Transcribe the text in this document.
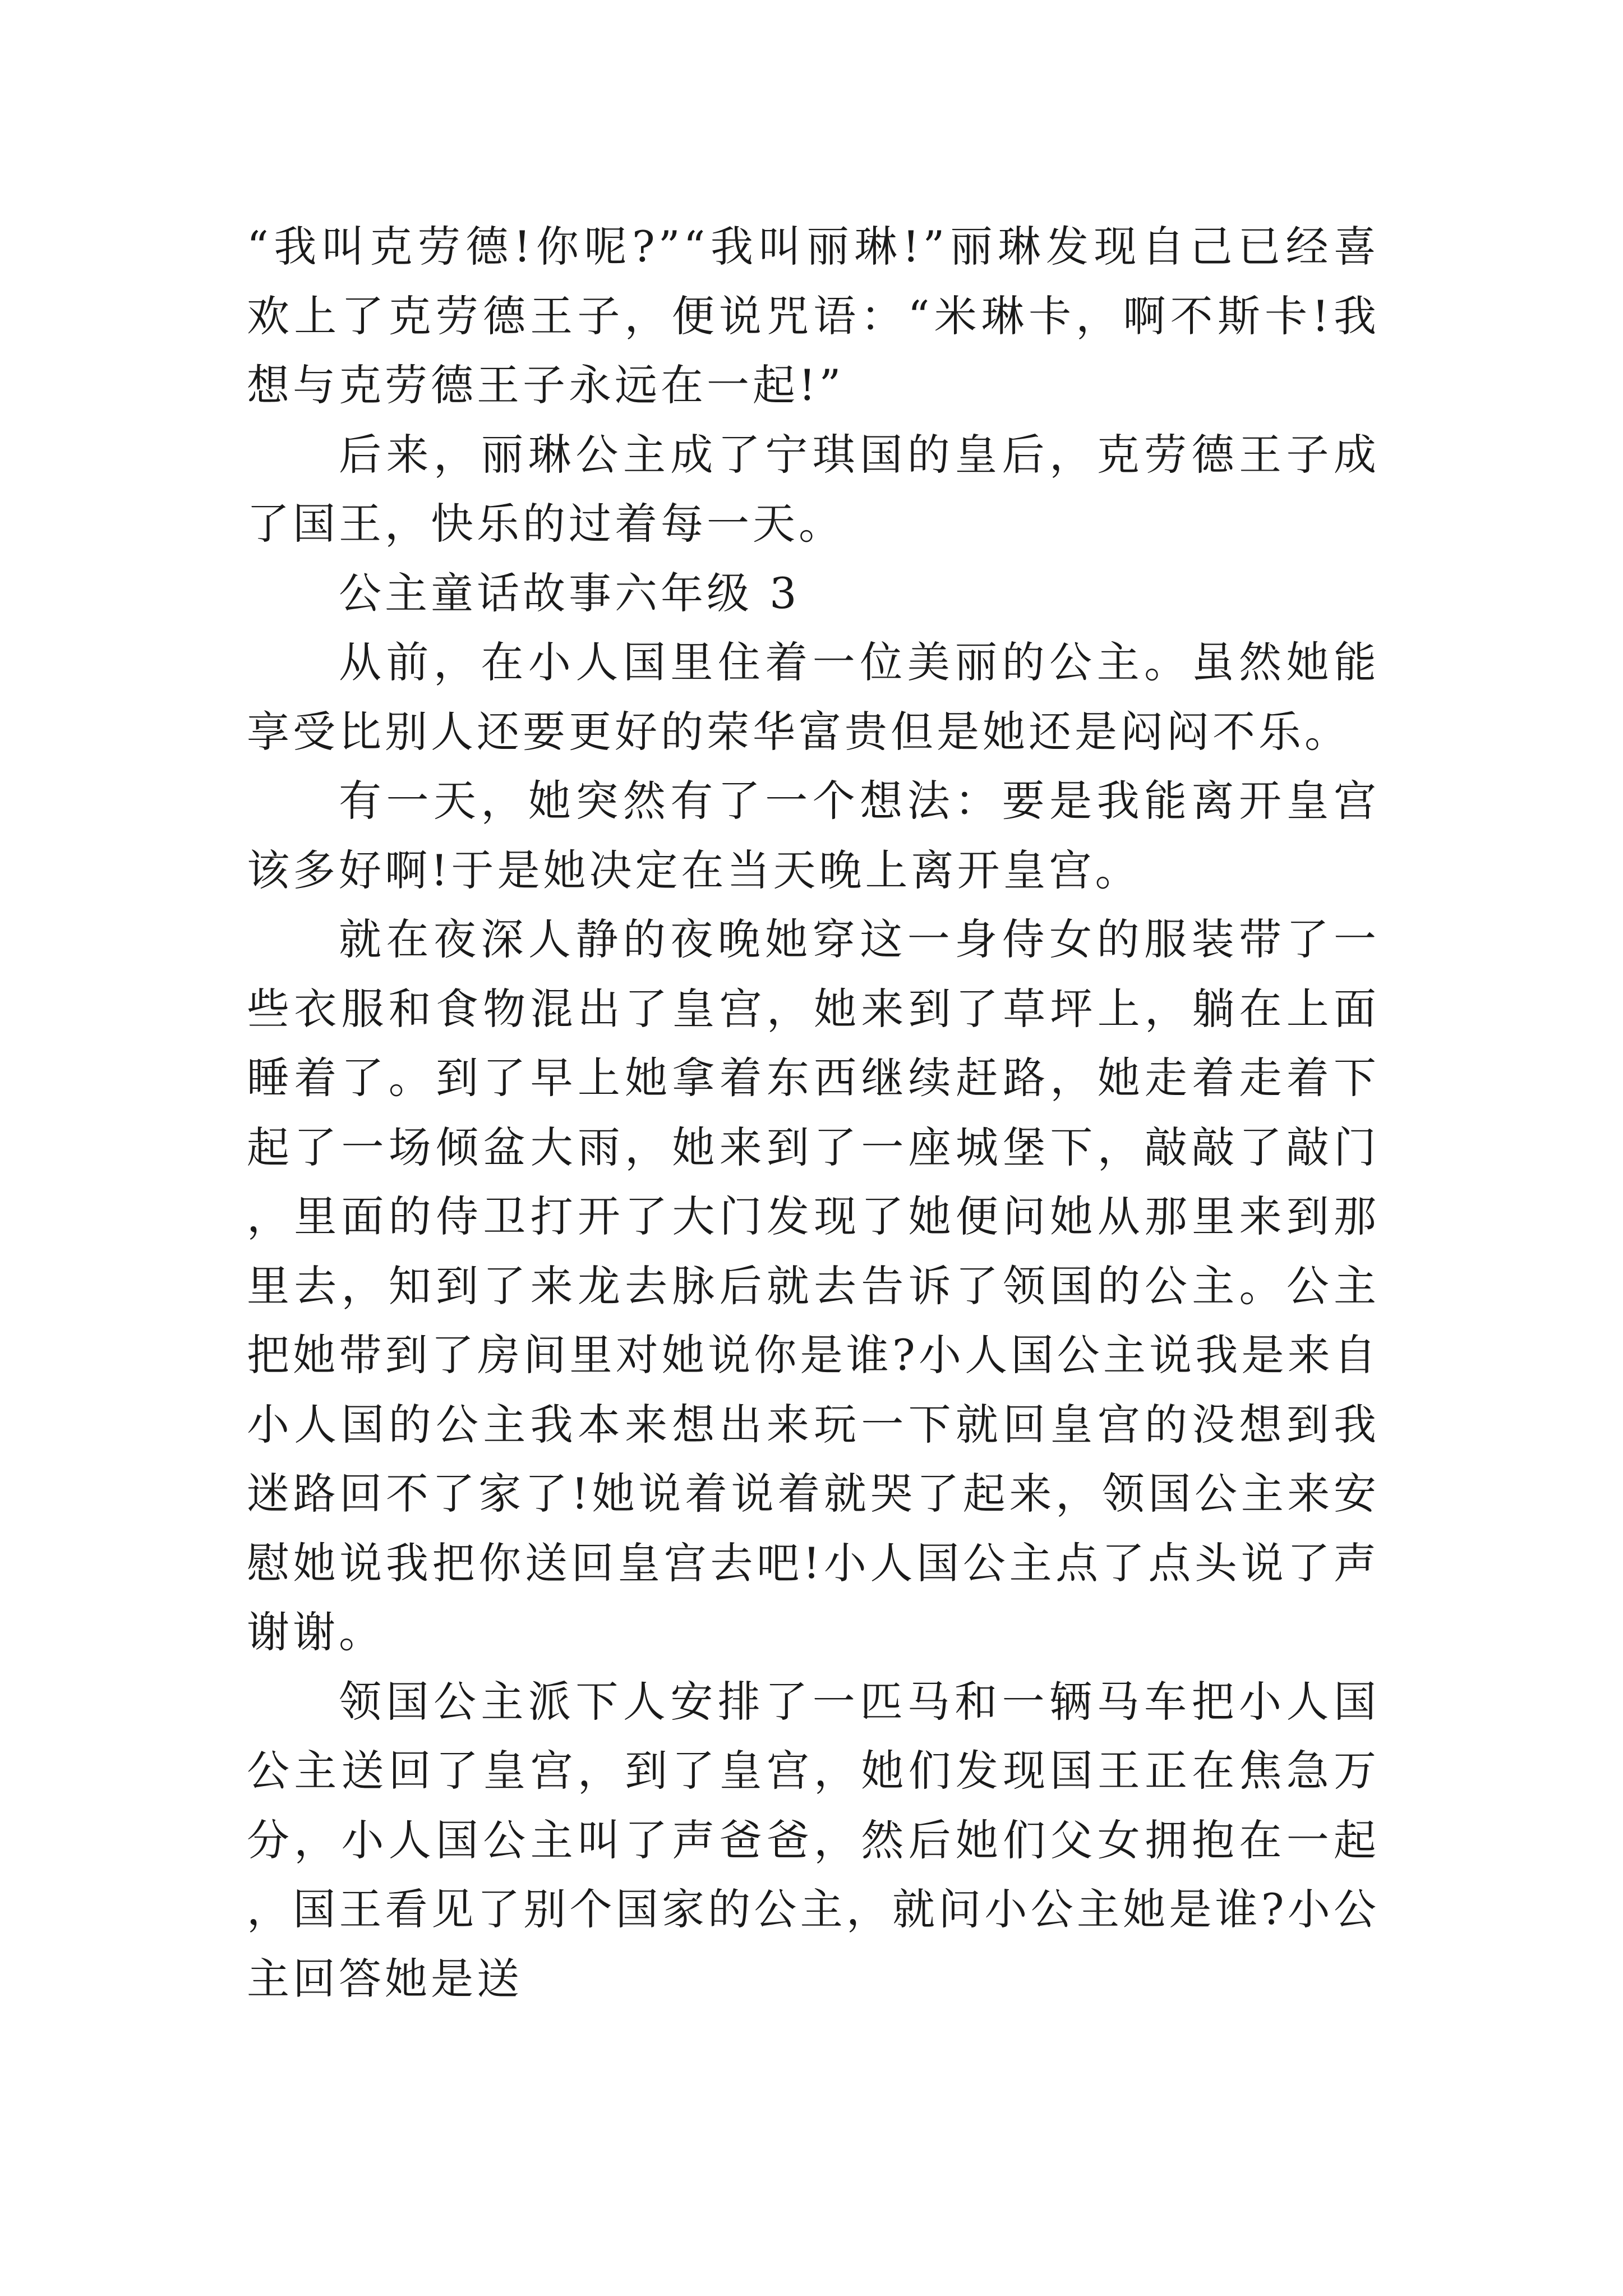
“我叫克劳德!你呢?”“我叫丽琳!”丽琳发现自己已经喜欢上了克劳德王子，便说咒语：“米琳卡，啊不斯卡!我想与克劳德王子永远在一起!”

后来，丽琳公主成了宁琪国的皇后，克劳德王子成了国王，快乐的过着每一天。

公主童话故事六年级 3

从前，在小人国里住着一位美丽的公主。虽然她能享受比别人还要更好的荣华富贵但是她还是闷闷不乐。

有一天，她突然有了一个想法：要是我能离开皇宫该多好啊!于是她决定在当天晚上离开皇宫。

就在夜深人静的夜晚她穿这一身侍女的服装带了一些衣服和食物混出了皇宫，她来到了草坪上，躺在上面睡着了。到了早上她拿着东西继续赶路，她走着走着下起了一场倾盆大雨，她来到了一座城堡下，敲敲了敲门，里面的侍卫打开了大门发现了她便问她从那里来到那里去，知到了来龙去脉后就去告诉了领国的公主。公主把她带到了房间里对她说你是谁?小人国公主说我是来自小人国的公主我本来想出来玩一下就回皇宫的没想到我迷路回不了家了!她说着说着就哭了起来，领国公主来安慰她说我把你送回皇宫去吧!小人国公主点了点头说了声谢谢。

领国公主派下人安排了一匹马和一辆马车把小人国公主送回了皇宫，到了皇宫，她们发现国王正在焦急万分，小人国公主叫了声爸爸，然后她们父女拥抱在一起，国王看见了别个国家的公主，就问小公主她是谁?小公主回答她是送
